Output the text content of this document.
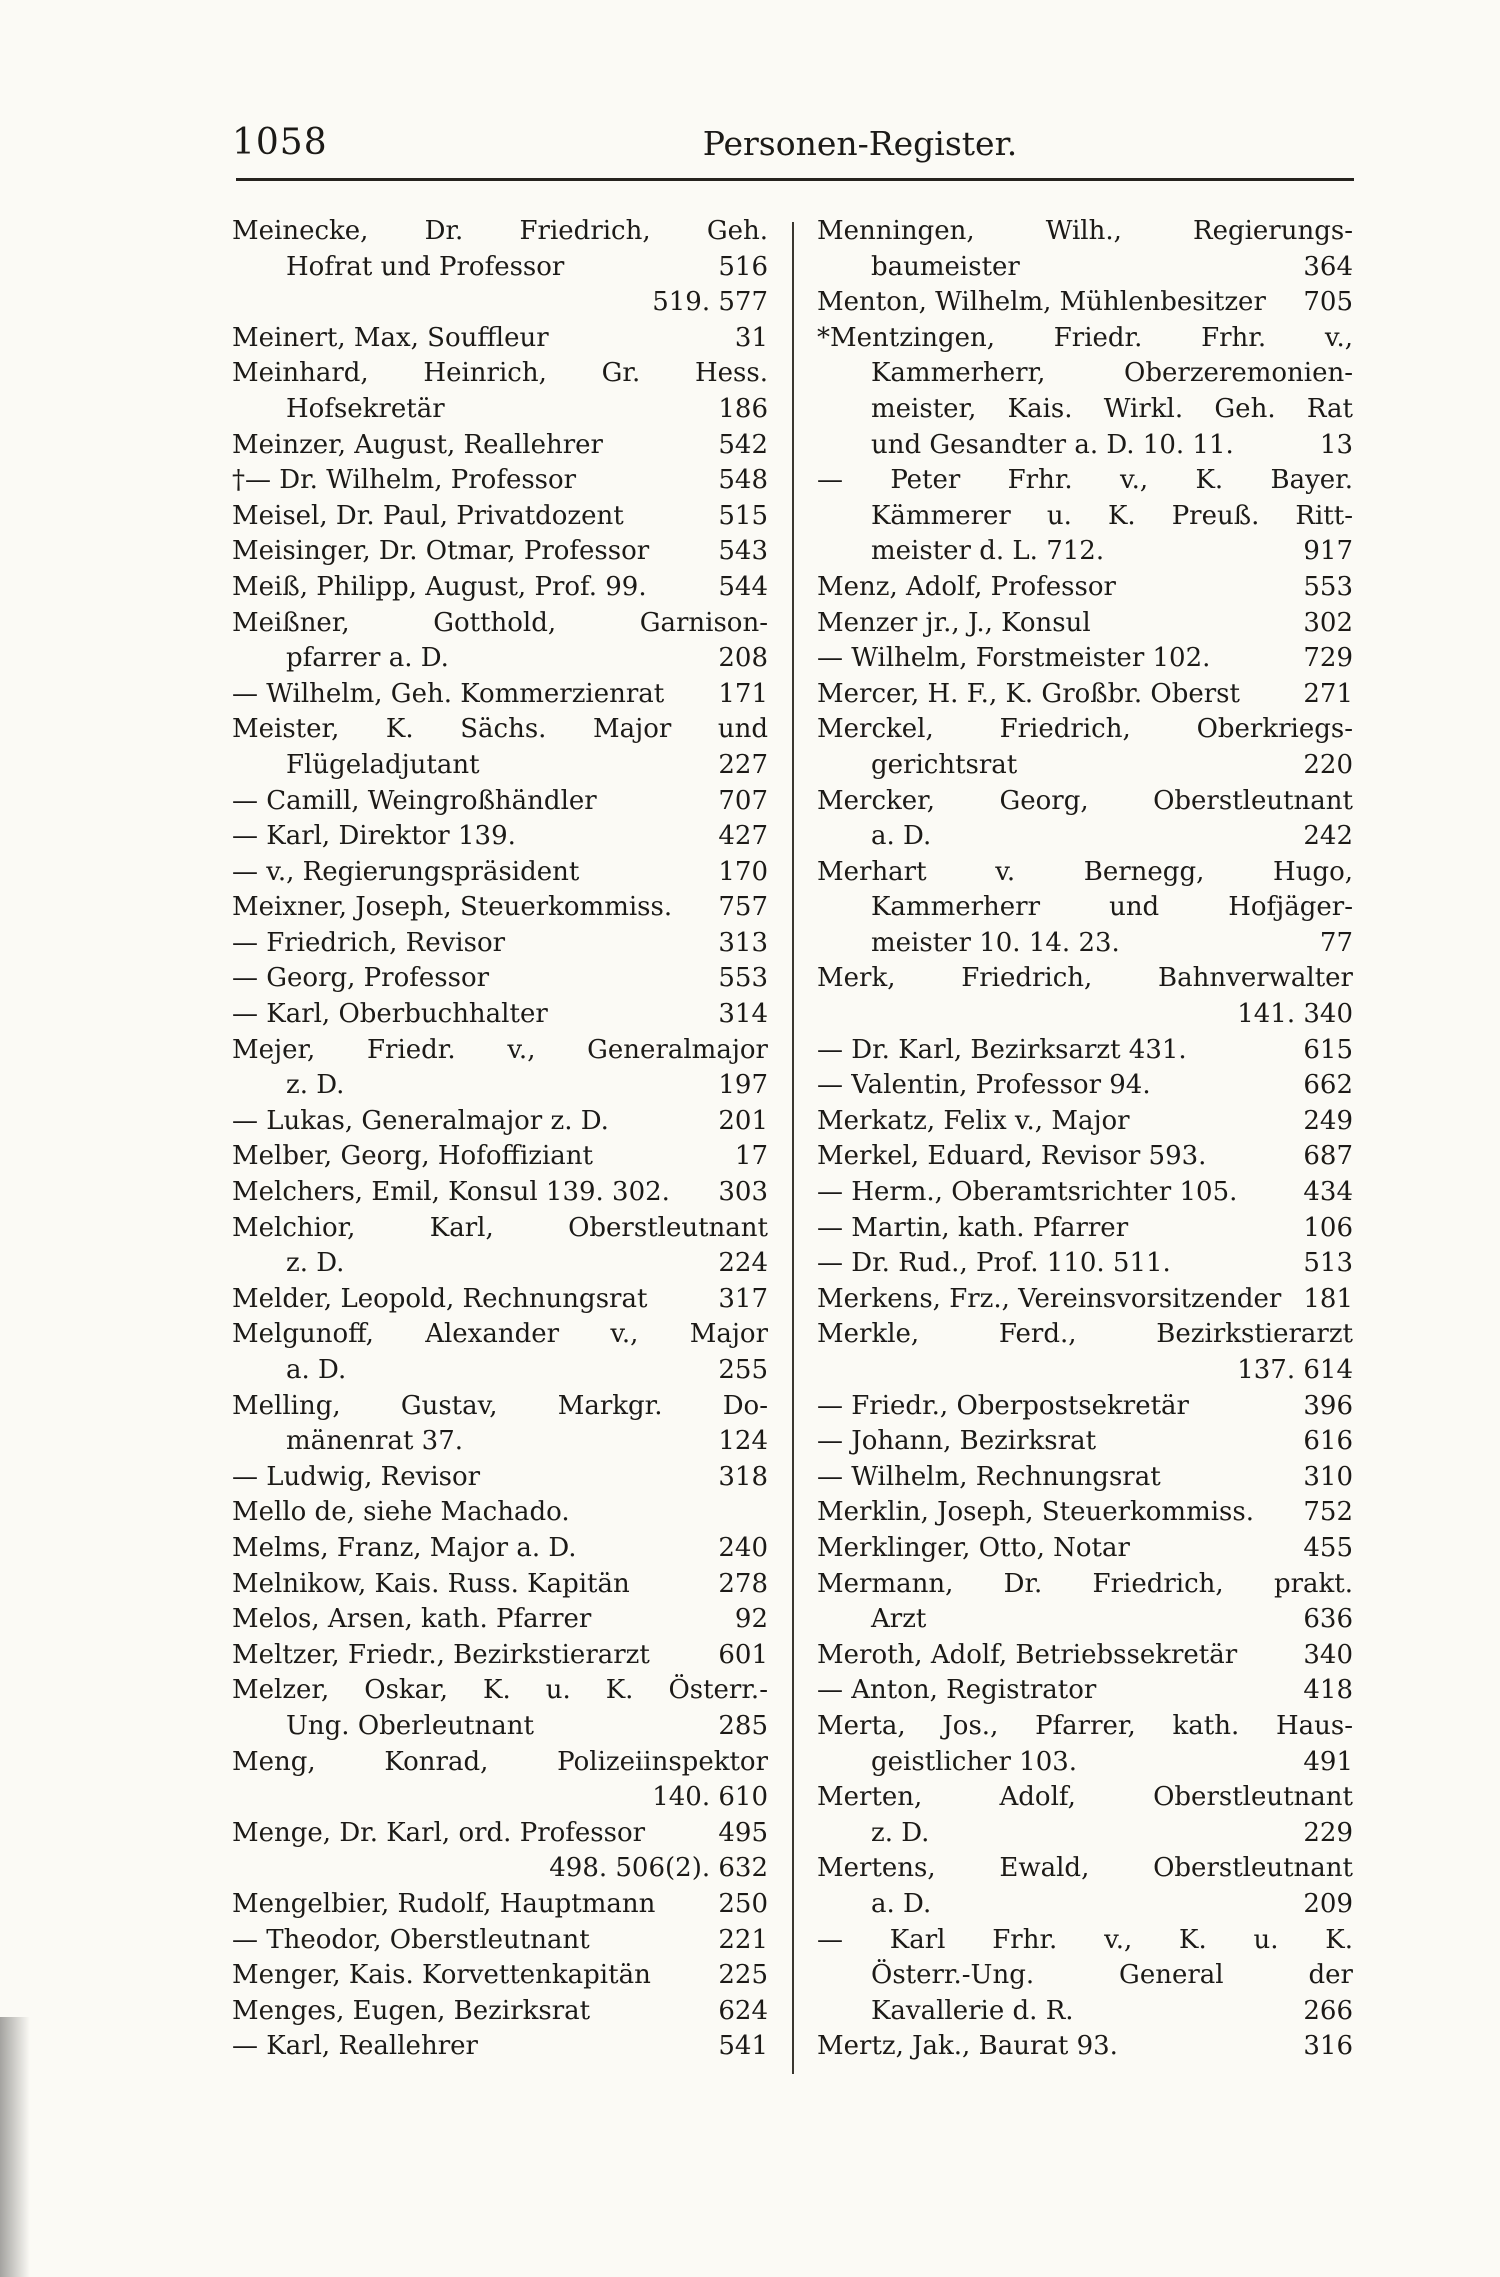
1058	Personen-Register.
Meinecke, Dr. Friedrich, Geh.
Hofrat und Professor	516
519. 577
Meinert, Max, Souffleur	31
Meinhard, Heinrich, Gr. Hess.
Hofsekretär	186
Meinzer, August, Reallehrer	542
†— Dr. Wilhelm, Professor	548
Meisel, Dr. Paul, Privatdozent	515
Meisinger, Dr. Otmar, Professor	543
Meiß, Philipp, August, Prof. 99.	544
Meißner, Gotthold, Garnison-
pfarrer a. D.	208
— Wilhelm, Geh. Kommerzienrat	171
Meister, K. Sächs. Major und
Flügeladjutant	227
— Camill, Weingroßhändler	707
— Karl, Direktor 139.	427
— v., Regierungspräsident	170
Meixner, Joseph, Steuerkommiss.	757
— Friedrich, Revisor	313
— Georg, Professor	553
— Karl, Oberbuchhalter	314
Mejer, Friedr. v., Generalmajor
z. D.	197
— Lukas, Generalmajor z. D.	201
Melber, Georg, Hofoffiziant	17
Melchers, Emil, Konsul 139. 302.	303
Melchior, Karl, Oberstleutnant
z. D.	224
Melder, Leopold, Rechnungsrat	317
Melgunoff, Alexander v., Major
a. D.	255
Melling, Gustav, Markgr. Do-
mänenrat 37.	124
— Ludwig, Revisor	318
Mello de, siehe Machado.
Melms, Franz, Major a. D.	240
Melnikow, Kais. Russ. Kapitän	278
Melos, Arsen, kath. Pfarrer	92
Meltzer, Friedr., Bezirkstierarzt	601
Melzer, Oskar, K. u. K. Österr.-
Ung. Oberleutnant	285
Meng, Konrad, Polizeiinspektor
140. 610
Menge, Dr. Karl, ord. Professor	495
498. 506(2). 632
Mengelbier, Rudolf, Hauptmann	250
— Theodor, Oberstleutnant	221
Menger, Kais. Korvettenkapitän	225
Menges, Eugen, Bezirksrat	624
— Karl, Reallehrer	541
Menningen, Wilh., Regierungs-
baumeister	364
Menton, Wilhelm, Mühlenbesitzer	705
*Mentzingen, Friedr. Frhr. v.,
Kammerherr, Oberzeremonien-
meister, Kais. Wirkl. Geh. Rat
und Gesandter a. D. 10. 11.	13
— Peter Frhr. v., K. Bayer.
Kämmerer u. K. Preuß. Ritt-
meister d. L. 712.	917
Menz, Adolf, Professor	553
Menzer jr., J., Konsul	302
— Wilhelm, Forstmeister 102.	729
Mercer, H. F., K. Großbr. Oberst	271
Merckel, Friedrich, Oberkriegs-
gerichtsrat	220
Mercker, Georg, Oberstleutnant
a. D.	242
Merhart v. Bernegg, Hugo,
Kammerherr und Hofjäger-
meister 10. 14. 23.	77
Merk, Friedrich, Bahnverwalter
141. 340
— Dr. Karl, Bezirksarzt 431.	615
— Valentin, Professor 94.	662
Merkatz, Felix v., Major	249
Merkel, Eduard, Revisor 593.	687
— Herm., Oberamtsrichter 105.	434
— Martin, kath. Pfarrer	106
— Dr. Rud., Prof. 110. 511.	513
Merkens, Frz., Vereinsvorsitzender 181
Merkle, Ferd., Bezirkstierarzt
137. 614
— Friedr., Oberpostsekretär	396
— Johann, Bezirksrat	616
— Wilhelm, Rechnungsrat	310
Merklin, Joseph, Steuerkommiss.	752
Merklinger, Otto, Notar	455
Mermann, Dr. Friedrich, prakt.
Arzt	636
Meroth, Adolf, Betriebssekretär	340
— Anton, Registrator	418
Merta, Jos., Pfarrer, kath. Haus-
geistlicher 103.	491
Merten, Adolf, Oberstleutnant
z. D.	229
Mertens, Ewald, Oberstleutnant
a. D.	209
— Karl Frhr. v., K. u. K.
Österr.-Ung. General der
Kavallerie d. R.	266
Mertz, Jak., Baurat 93.	316
